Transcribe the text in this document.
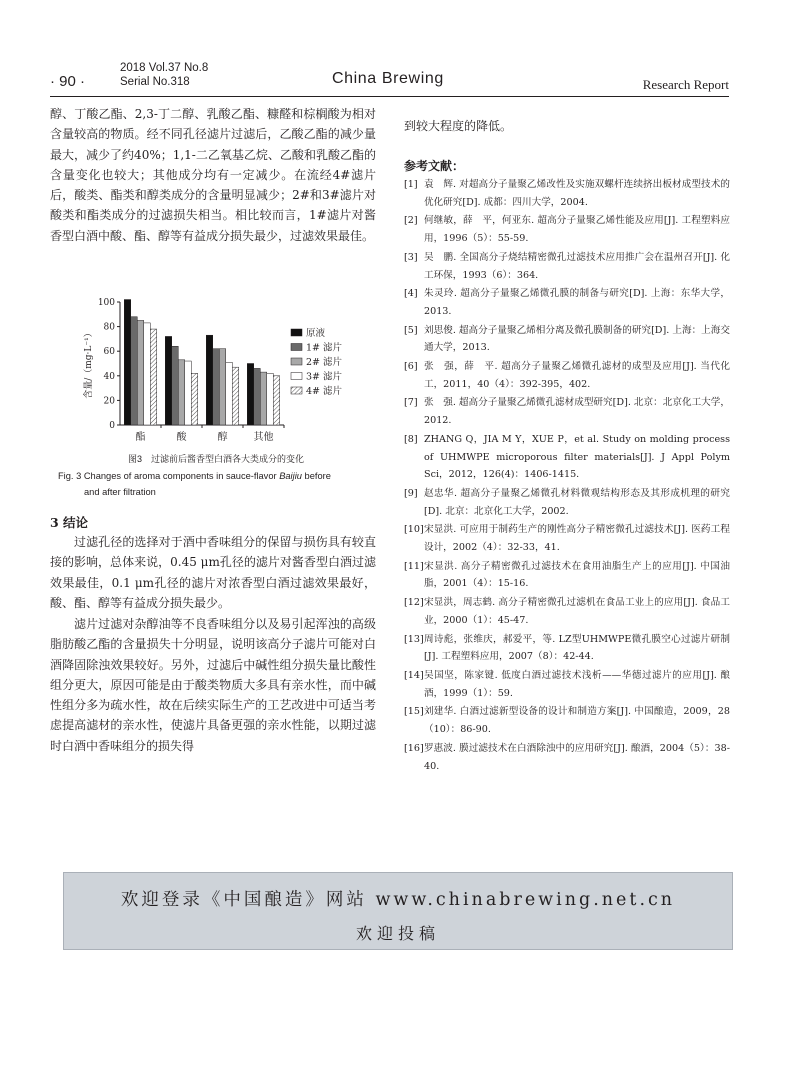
· 90 ·
2018 Vol.37 No.8
Serial No.318	China Brewing	Research Report
醇、丁酸乙酯、2,3-丁二醇、乳酸乙酯、糠醛和棕榈酸为相对含量较高的物质。经不同孔径滤片过滤后，乙酸乙酯的减少量最大，减少了约40%；1,1-二乙氧基乙烷、乙酸和乳酸乙酯的含量变化也较大；其他成分均有一定减少。在流经4#滤片后，酸类、酯类和醇类成分的含量明显减少；2#和3#滤片对酸类和酯类成分的过滤损失相当。相比较而言，1#滤片对酱香型白酒中酸、酯、醇等有益成分损失最少，过滤效果最佳。
0
20
40
60
80
100
含量/（mg·L⁻¹）
酯	酸	醇	其他
原液
1# 滤片
2# 滤片
3# 滤片
4# 滤片
图3　过滤前后酱香型白酒各大类成分的变化
Fig. 3 Changes of aroma components in sauce-flavor Baijiu before
and after filtration
3 结论
过滤孔径的选择对于酒中香味组分的保留与损伤具有较直接的影响，总体来说，0.45 μm孔径的滤片对酱香型白酒过滤效果最佳，0.1 μm孔径的滤片对浓香型白酒过滤效果最好，酸、酯、醇等有益成分损失最少。
滤片过滤对杂醇油等不良香味组分以及易引起浑浊的高级脂肪酸乙酯的含量损失十分明显，说明该高分子滤片可能对白酒降固除浊效果较好。另外，过滤后中碱性组分损失量比酸性组分更大，原因可能是由于酸类物质大多具有亲水性，而中碱性组分多为疏水性，故在后续实际生产的工艺改进中可适当考虑提高滤材的亲水性，使滤片具备更强的亲水性能，以期过滤时白酒中香味组分的损失得
到较大程度的降低。
参考文献：
[1] 袁　辉. 对超高分子量聚乙烯改性及实施双螺杆连续挤出板材成型技术的优化研究[D]. 成都：四川大学，2004.
[2] 何继敏，薛　平，何亚东. 超高分子量聚乙烯性能及应用[J]. 工程塑料应用，1996（5）：55-59.
[3] 吴　鹏. 全国高分子烧结精密微孔过滤技术应用推广会在温州召开[J]. 化工环保，1993（6）：364.
[4] 朱灵玲. 超高分子量聚乙烯微孔膜的制备与研究[D]. 上海：东华大学，2013.
[5] 刘思俊. 超高分子量聚乙烯相分离及微孔膜制备的研究[D]. 上海：上海交通大学，2013.
[6] 张　强，薛　平. 超高分子量聚乙烯微孔滤材的成型及应用[J]. 当代化工，2011，40（4）：392-395，402.
[7] 张　强. 超高分子量聚乙烯微孔滤材成型研究[D]. 北京：北京化工大学，2012.
[8] ZHANG Q，JIA M Y，XUE P，et al. Study on molding process of UHMWPE microporous filter materials[J]. J Appl Polym Sci，2012，126(4)：1406-1415.
[9] 赵忠华. 超高分子量聚乙烯微孔材料微观结构形态及其形成机理的研究[D]. 北京：北京化工大学，2002.
[10] 宋显洪. 可应用于制药生产的刚性高分子精密微孔过滤技术[J]. 医药工程设计，2002（4）：32-33，41.
[11] 宋显洪. 高分子精密微孔过滤技术在食用油脂生产上的应用[J]. 中国油脂，2001（4）：15-16.
[12] 宋显洪，周志鹤. 高分子精密微孔过滤机在食品工业上的应用[J]. 食品工业，2000（1）：45-47.
[13] 周诗彪，张维庆，郝爱平，等. LZ型UHMWPE微孔膜空心过滤片研制[J]. 工程塑料应用，2007（8）：42-44.
[14] 吴国坚，陈家键. 低度白酒过滤技术浅析——华德过滤片的应用[J]. 酿酒，1999（1）：59.
[15] 刘建华. 白酒过滤新型设备的设计和制造方案[J]. 中国酿造，2009，28（10）：86-90.
[16] 罗惠波. 膜过滤技术在白酒除浊中的应用研究[J]. 酿酒，2004（5）：38-40.
欢迎登录《中国酿造》网站 www.chinabrewing.net.cn
欢迎投稿
